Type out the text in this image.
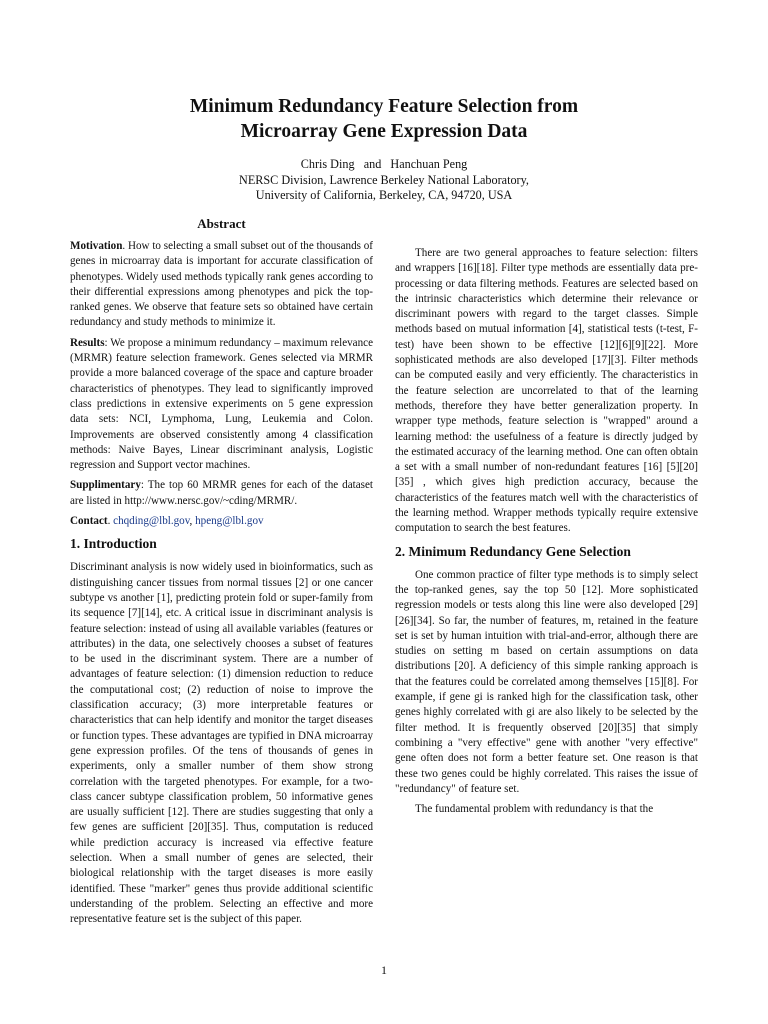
Minimum Redundancy Feature Selection from
Microarray Gene Expression Data
Chris Ding   and   Hanchuan Peng
NERSC Division, Lawrence Berkeley National Laboratory,
University of California, Berkeley, CA, 94720, USA
Abstract

Motivation. How to selecting a small subset out of the thousands of genes in microarray data is important for accurate classification of phenotypes. Widely used methods typically rank genes according to their differential expressions among phenotypes and pick the top-ranked genes. We observe that feature sets so obtained have certain redundancy and study methods to minimize it.

Results: We propose a minimum redundancy – maximum relevance (MRMR) feature selection framework. Genes selected via MRMR provide a more balanced coverage of the space and capture broader characteristics of phenotypes. They lead to significantly improved class predictions in extensive experiments on 5 gene expression data sets: NCI, Lymphoma, Lung, Leukemia and Colon. Improvements are observed consistently among 4 classification methods: Naive Bayes, Linear discriminant analysis, Logistic regression and Support vector machines.

Supplimentary: The top 60 MRMR genes for each of the dataset are listed in http://www.nersc.gov/~cding/MRMR/.

Contact. chqding@lbl.gov, hpeng@lbl.gov

1. Introduction

Discriminant analysis is now widely used in bioinformatics, such as distinguishing cancer tissues from normal tissues [2] or one cancer subtype vs another [1], predicting protein fold or super-family from its sequence [7][14], etc. A critical issue in discriminant analysis is feature selection: instead of using all available variables (features or attributes) in the data, one selectively chooses a subset of features to be used in the discriminant system. There are a number of advantages of feature selection: (1) dimension reduction to reduce the computational cost; (2) reduction of noise to improve the classification accuracy; (3) more interpretable features or characteristics that can help identify and monitor the target diseases or function types. These advantages are typified in DNA microarray gene expression profiles. Of the tens of thousands of genes in experiments, only a smaller number of them show strong correlation with the targeted phenotypes. For example, for a two-class cancer subtype classification problem, 50 informative genes are usually sufficient [12]. There are studies suggesting that only a few genes are sufficient [20][35]. Thus, computation is reduced while prediction accuracy is increased via effective feature selection. When a small number of genes are selected, their biological relationship with the target diseases is more easily identified. These "marker" genes thus provide additional scientific understanding of the problem. Selecting an effective and more representative feature set is the subject of this paper.

There are two general approaches to feature selection: filters and wrappers [16][18]. Filter type methods are essentially data pre-processing or data filtering methods. Features are selected based on the intrinsic characteristics which determine their relevance or discriminant powers with regard to the target classes. Simple methods based on mutual information [4], statistical tests (t-test, F-test) have been shown to be effective [12][6][9][22]. More sophisticated methods are also developed [17][3]. Filter methods can be computed easily and very efficiently. The characteristics in the feature selection are uncorrelated to that of the learning methods, therefore they have better generalization property. In wrapper type methods, feature selection is "wrapped" around a learning method: the usefulness of a feature is directly judged by the estimated accuracy of the learning method. One can often obtain a set with a small number of non-redundant features [16] [5][20][35] , which gives high prediction accuracy, because the characteristics of the features match well with the characteristics of the learning method. Wrapper methods typically require extensive computation to search the best features.

2. Minimum Redundancy Gene Selection

One common practice of filter type methods is to simply select the top-ranked genes, say the top 50 [12]. More sophisticated regression models or tests along this line were also developed [29][26][34]. So far, the number of features, m, retained in the feature set is set by human intuition with trial-and-error, although there are studies on setting m based on certain assumptions on data distributions [20]. A deficiency of this simple ranking approach is that the features could be correlated among themselves [15][8]. For example, if gene gi is ranked high for the classification task, other genes highly correlated with gi are also likely to be selected by the filter method. It is frequently observed [20][35] that simply combining a "very effective" gene with another "very effective" gene often does not form a better feature set. One reason is that these two genes could be highly correlated. This raises the issue of "redundancy" of feature set.

The fundamental problem with redundancy is that the

1
